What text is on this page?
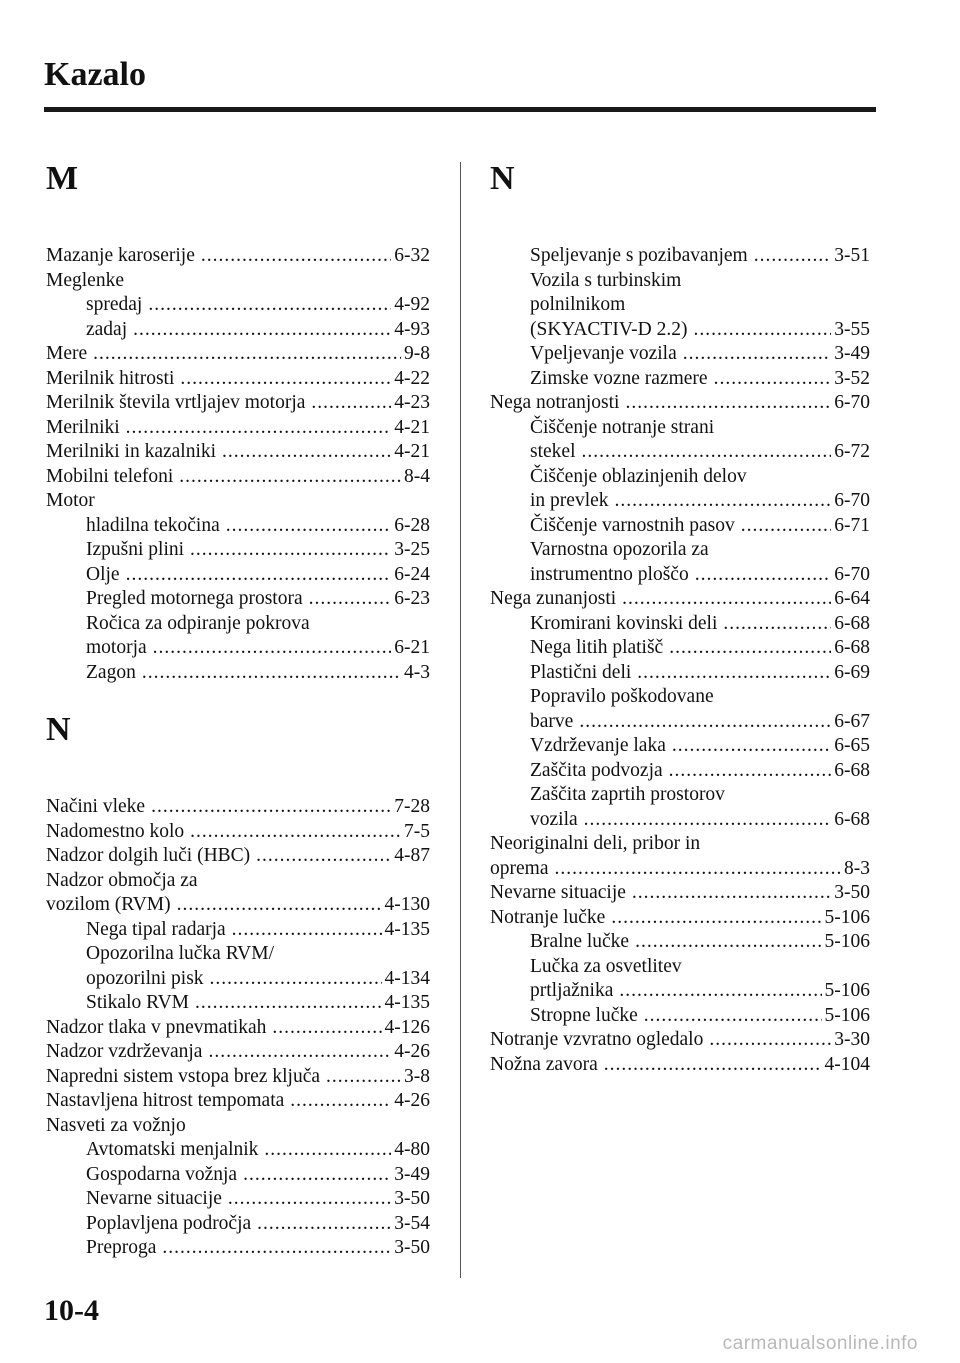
Kazalo
M
Mazanje karoserije .....	6-32
Meglenke
spredaj .....	4-92
zadaj .....	4-93
Mere .....	9-8
Merilnik hitrosti .....	4-22
Merilnik števila vrtljajev motorja .....	4-23
Merilniki .....	4-21
Merilniki in kazalniki .....	4-21
Mobilni telefoni .....	8-4
Motor
hladilna tekočina .....	6-28
Izpušni plini .....	3-25
Olje .....	6-24
Pregled motornega prostora .....	6-23
Ročica za odpiranje pokrova
motorja .....	6-21
Zagon .....	4-3
N
Načini vleke .....	7-28
Nadomestno kolo .....	7-5
Nadzor dolgih luči (HBC) .....	4-87
Nadzor območja za
vozilom (RVM) .....	4-130
Nega tipal radarja .....	4-135
Opozorilna lučka RVM/
opozorilni pisk .....	4-134
Stikalo RVM .....	4-135
Nadzor tlaka v pnevmatikah .....	4-126
Nadzor vzdrževanja .....	4-26
Napredni sistem vstopa brez ključa .....	3-8
Nastavljena hitrost tempomata .....	4-26
Nasveti za vožnjo
Avtomatski menjalnik .....	4-80
Gospodarna vožnja .....	3-49
Nevarne situacije .....	3-50
Poplavljena področja .....	3-54
Preproga .....	3-50
N
Speljevanje s pozibavanjem .....	3-51
Vozila s turbinskim
polnilnikom
(SKYACTIV-D 2.2) .....	3-55
Vpeljevanje vozila .....	3-49
Zimske vozne razmere .....	3-52
Nega notranjosti .....	6-70
Čiščenje notranje strani
stekel .....	6-72
Čiščenje oblazinjenih delov
in prevlek .....	6-70
Čiščenje varnostnih pasov .....	6-71
Varnostna opozorila za
instrumentno ploščo .....	6-70
Nega zunanjosti .....	6-64
Kromirani kovinski deli .....	6-68
Nega litih platišč .....	6-68
Plastični deli .....	6-69
Popravilo poškodovane
barve .....	6-67
Vzdrževanje laka .....	6-65
Zaščita podvozja .....	6-68
Zaščita zaprtih prostorov
vozila .....	6-68
Neoriginalni deli, pribor in
oprema .....	8-3
Nevarne situacije .....	3-50
Notranje lučke .....	5-106
Bralne lučke .....	5-106
Lučka za osvetlitev
prtljažnika .....	5-106
Stropne lučke .....	5-106
Notranje vzvratno ogledalo .....	3-30
Nožna zavora .....	4-104
10-4
carmanualsonline.info
